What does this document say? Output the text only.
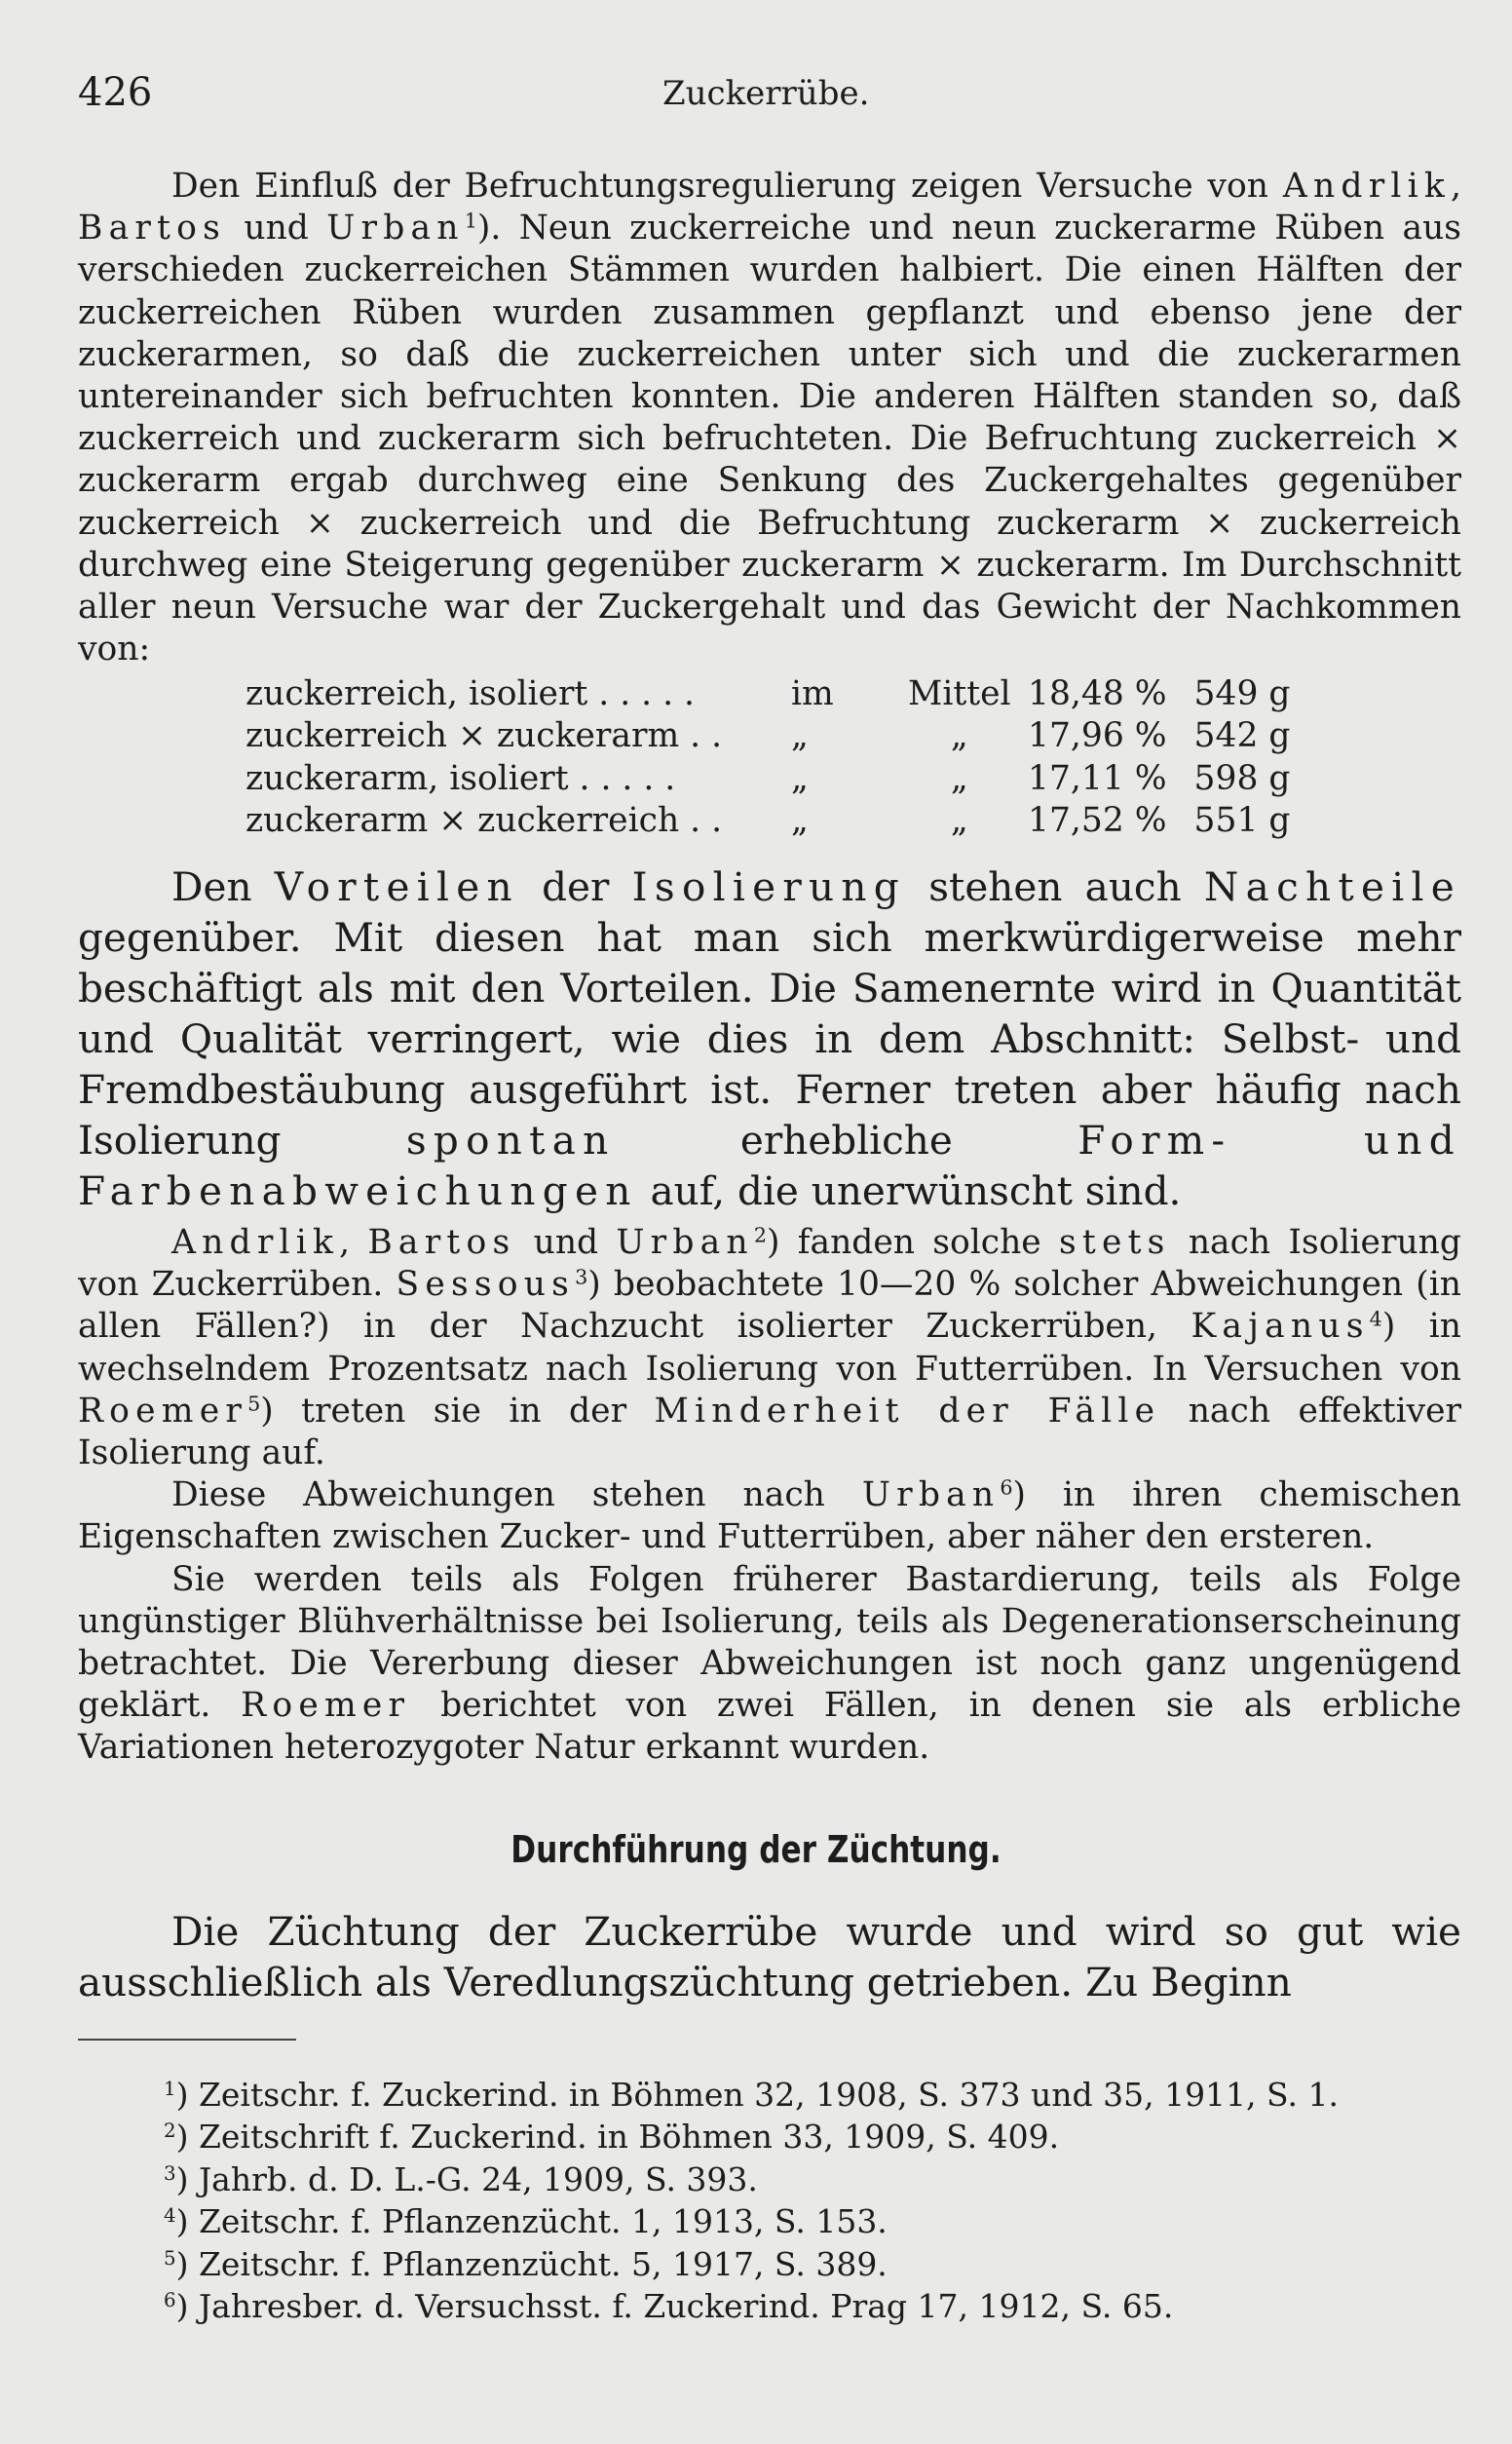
426	Zuckerrübe.

Den Einfluß der Befruchtungsregulierung zeigen Versuche von Andrlik, Bartos und Urban$^1$). Neun zuckerreiche und neun zuckerarme Rüben aus verschieden zuckerreichen Stämmen wurden halbiert. Die einen Hälften der zuckerreichen Rüben wurden zusammen gepflanzt und ebenso jene der zuckerarmen, so daß die zuckerreichen unter sich und die zuckerarmen untereinander sich befruchten konnten. Die anderen Hälften standen so, daß zuckerreich und zuckerarm sich befruchteten. Die Befruchtung zuckerreich × zuckerarm ergab durchweg eine Senkung des Zuckergehaltes gegenüber zuckerreich × zuckerreich und die Befruchtung zuckerarm × zuckerreich durchweg eine Steigerung gegenüber zuckerarm × zuckerarm. Im Durchschnitt aller neun Versuche war der Zuckergehalt und das Gewicht der Nachkommen von:

zuckerreich, isoliert . . . . .	im	Mittel	18,48 %	549 g
zuckerreich × zuckerarm . .	„	„	17,96 %	542 g
zuckerarm, isoliert . . . . .	„	„	17,11 %	598 g
zuckerarm × zuckerreich . .	„	„	17,52 %	551 g

Den Vorteilen der Isolierung stehen auch Nachteile gegenüber. Mit diesen hat man sich merkwürdigerweise mehr beschäftigt als mit den Vorteilen. Die Samenernte wird in Quantität und Qualität verringert, wie dies in dem Abschnitt: Selbst- und Fremdbestäubung ausgeführt ist. Ferner treten aber häufig nach Isolierung spontan erhebliche Form- und Farbenabweichungen auf, die unerwünscht sind.

Andrlik, Bartos und Urban$^2$) fanden solche stets nach Isolierung von Zuckerrüben. Sessous$^3$) beobachtete 10—20 % solcher Abweichungen (in allen Fällen?) in der Nachzucht isolierter Zuckerrüben, Kajanus$^4$) in wechselndem Prozentsatz nach Isolierung von Futterrüben. In Versuchen von Roemer$^5$) treten sie in der Minderheit der Fälle nach effektiver Isolierung auf.

Diese Abweichungen stehen nach Urban$^6$) in ihren chemischen Eigenschaften zwischen Zucker- und Futterrüben, aber näher den ersteren.

Sie werden teils als Folgen früherer Bastardierung, teils als Folge ungünstiger Blühverhältnisse bei Isolierung, teils als Degenerationserscheinung betrachtet. Die Vererbung dieser Abweichungen ist noch ganz ungenügend geklärt. Roemer berichtet von zwei Fällen, in denen sie als erbliche Variationen heterozygoter Natur erkannt wurden.

Durchführung der Züchtung.

Die Züchtung der Zuckerrübe wurde und wird so gut wie ausschließlich als Veredlungszüchtung getrieben. Zu Beginn

$^1$) Zeitschr. f. Zuckerind. in Böhmen 32, 1908, S. 373 und 35, 1911, S. 1.
$^2$) Zeitschrift f. Zuckerind. in Böhmen 33, 1909, S. 409.
$^3$) Jahrb. d. D. L.-G. 24, 1909, S. 393.
$^4$) Zeitschr. f. Pflanzenzücht. 1, 1913, S. 153.
$^5$) Zeitschr. f. Pflanzenzücht. 5, 1917, S. 389.
$^6$) Jahresber. d. Versuchsst. f. Zuckerind. Prag 17, 1912, S. 65.
